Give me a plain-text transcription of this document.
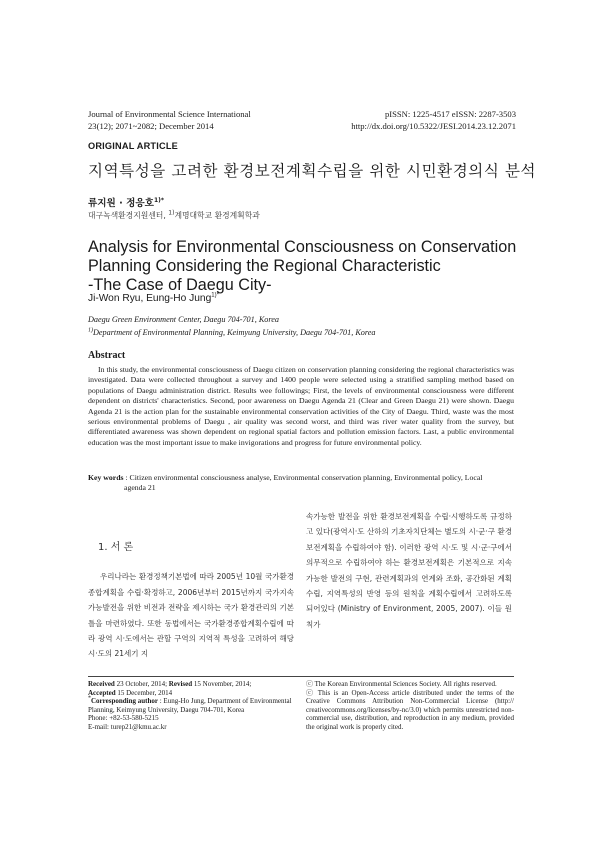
Journal of Environmental Science International
23(12); 2071~2082; December 2014
pISSN: 1225-4517 eISSN: 2287-3503
http://dx.doi.org/10.5322/JESI.2014.23.12.2071
ORIGINAL ARTICLE
지역특성을 고려한 환경보전계획수립을 위한 시민환경의식 분석
류지원 · 정응호$^{1)*}$
대구녹색환경지원센터, $^{1)}$계명대학교 환경계획학과
Analysis for Environmental Consciousness on Conservation
Planning Considering the Regional Characteristic
-The Case of Daegu City-
Ji-Won Ryu, Eung-Ho Jung$^{1)*}$
Daegu Green Environment Center, Daegu 704-701, Korea
$^{1)}$Department of Environmental Planning, Keimyung University, Daegu 704-701, Korea
Abstract
In this study, the environmental consciousness of Daegu citizen on conservation planning considering the regional characteristics was investigated. Data were collected throughout a survey and 1400 people were selected using a stratified sampling method based on populations of Daegu administration district. Results wee followings; First, the levels of environmental consciousness were different dependent on districts' characteristics. Second, poor awareness on Daegu Agenda 21 (Clear and Green Daegu 21) were shown. Daegu Agenda 21 is the action plan for the sustainable environmental conservation activities of the City of Daegu. Third, waste was the most serious environmental problems of Daegu , air quality was second worst, and third was river water quality from the survey, but differentiated awareness was shown dependent on regional spatial factors and pollution emission factors. Last, a public environmental education was the most important issue to make invigorations and progress for future environmental policy.
Key words : Citizen environmental consciousness analyse, Environmental conservation planning, Environmental policy, Local
agenda 21
1. 서 론

우리나라는 환경정책기본법에 따라 2005년 10월 국가환경종합계획을 수립·확정하고, 2006년부터 2015년까지 국가지속가능발전을 위한 비전과 전략을 제시하는 국가 환경관리의 기본 틀을 마련하였다. 또한 동법에서는 국가환경종합계획수립에 따라 광역 시·도에서는 관할 구역의 지역적 특성을 고려하여 해당 시·도의 21세기 지

속가능한 발전을 위한 환경보전계획을 수립·시행하도록 규정하고 있다(광역시·도 산하의 기초자치단체는 별도의 시·군·구 환경보전계획을 수립하여야 함). 이러한 광역 시·도 및 시·군·구에서 의무적으로 수립하여야 하는 환경보전계획은 기본적으로 지속가능한 발전의 구현, 관련계획과의 연계와 조화, 공간화된 계획수립, 지역특성의 반영 등의 원칙을 계획수립에서 고려하도록 되어있다 (Ministry of Environment, 2005, 2007). 이들 원칙가

Received 23 October, 2014; Revised 15 November, 2014;
Accepted 15 December, 2014
*Corresponding author : Eung-Ho Jung, Department of Environmental Planning, Keimyung University, Daegu 704-701, Korea
Phone: +82-53-580-5215
E-mail: turep21@kmu.ac.kr
ⓒ The Korean Environmental Sciences Society. All rights reserved.
ⓒ This is an Open-Access article distributed under the terms of the Creative Commons Attribution Non-Commercial License (http:// creativecommons.org/licenses/by-nc/3.0) which permits unrestricted non-commercial use, distribution, and reproduction in any medium, provided the original work is properly cited.
